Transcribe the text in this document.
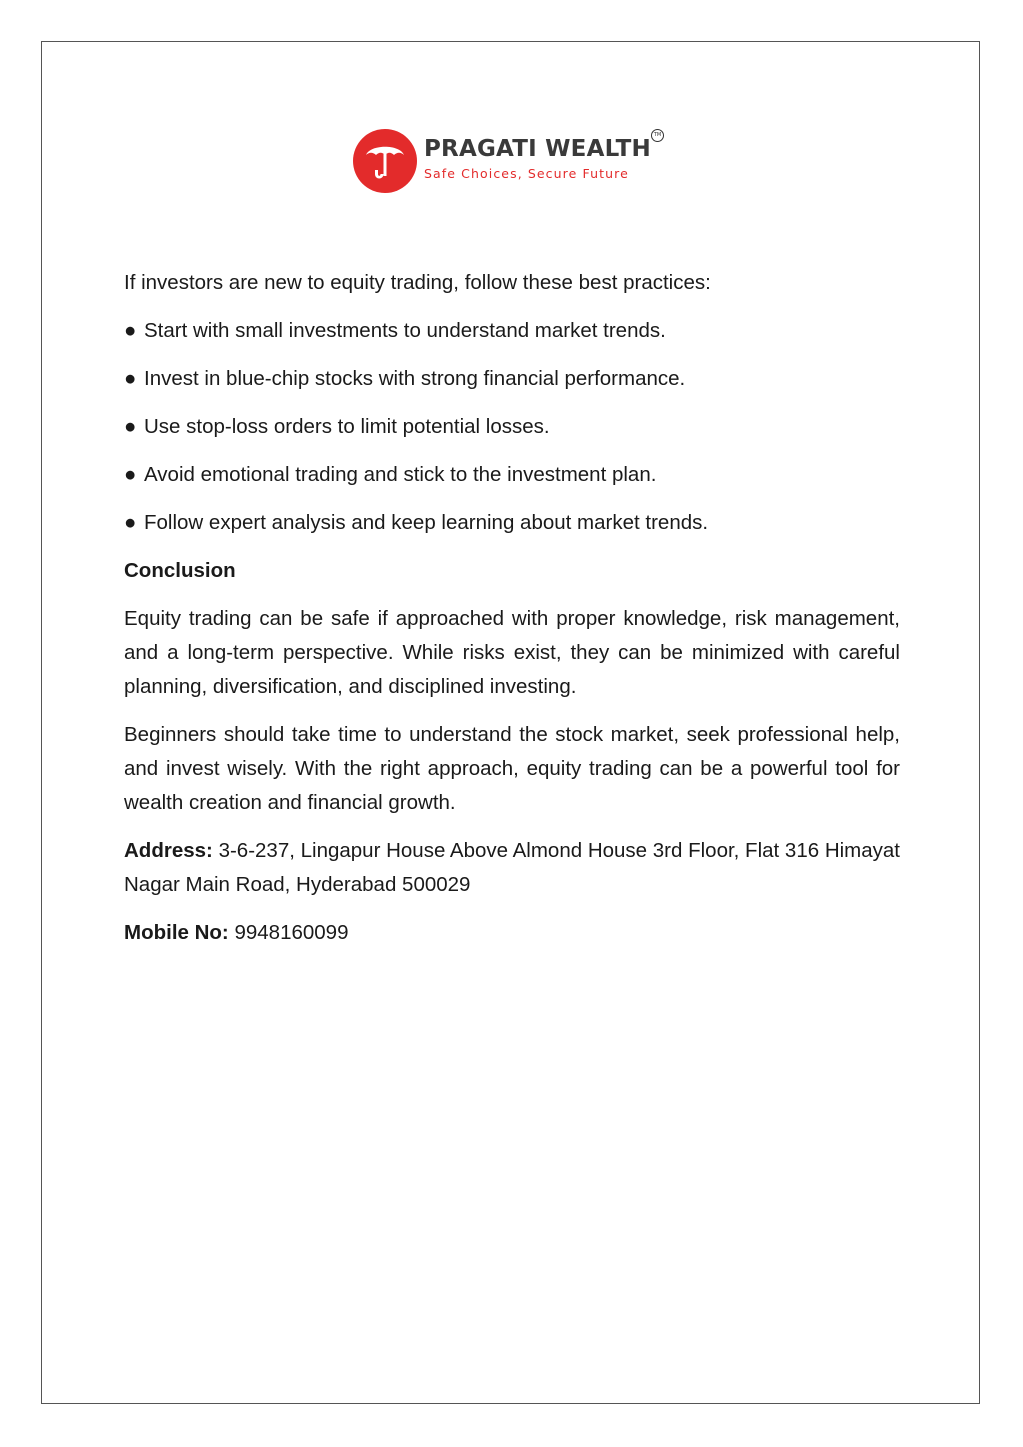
PRAGATI WEALTH
TM
Safe Choices, Secure Future

If investors are new to equity trading, follow these best practices:

● Start with small investments to understand market trends.
● Invest in blue-chip stocks with strong financial performance.
● Use stop-loss orders to limit potential losses.
● Avoid emotional trading and stick to the investment plan.
● Follow expert analysis and keep learning about market trends.

Conclusion

Equity trading can be safe if approached with proper knowledge, risk management, and a long-term perspective. While risks exist, they can be minimized with careful planning, diversification, and disciplined investing.

Beginners should take time to understand the stock market, seek professional help, and invest wisely. With the right approach, equity trading can be a powerful tool for wealth creation and financial growth.

Address: 3-6-237, Lingapur House Above Almond House 3rd Floor, Flat 316 Himayat Nagar Main Road, Hyderabad 500029

Mobile No: 9948160099
